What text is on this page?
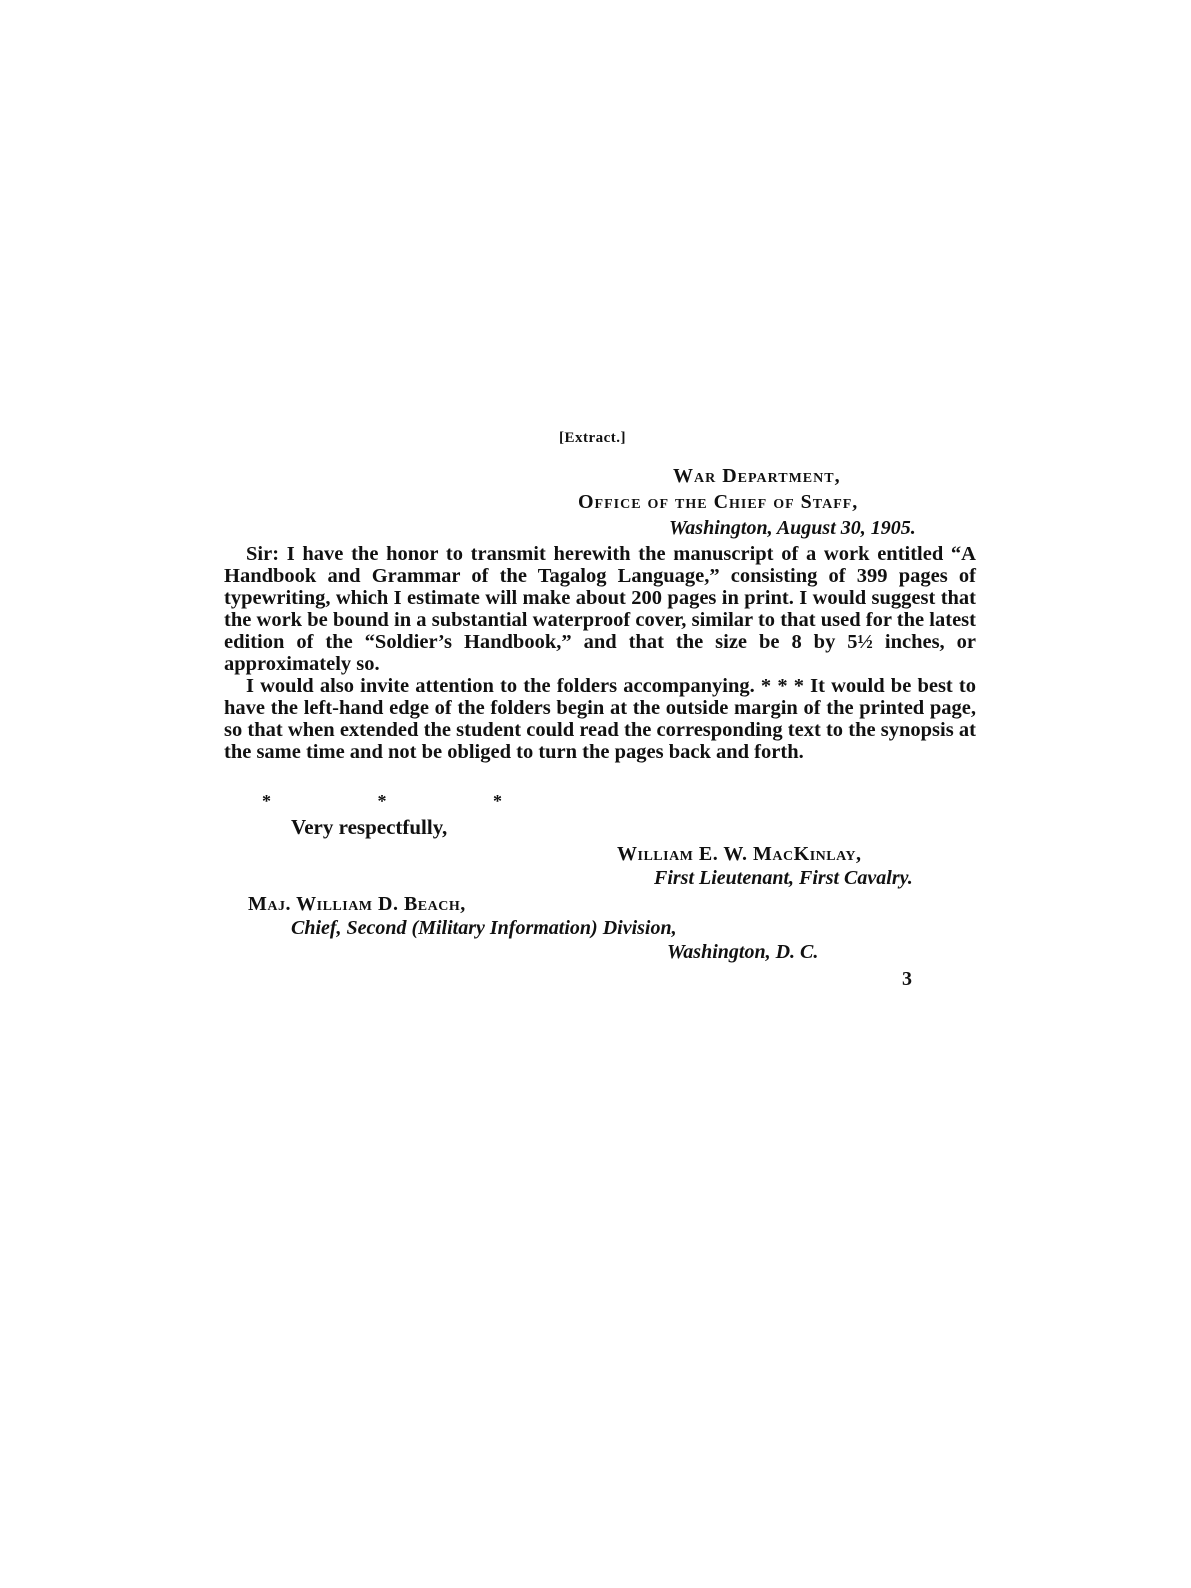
[Extract.]
War Department,
Office of the Chief of Staff,
Washington, August 30, 1905.
Sir: I have the honor to transmit herewith the manuscript of a work entitled “A Handbook and Grammar of the Tagalog Language,” consisting of 399 pages of typewriting, which I estimate will make about 200 pages in print. I would suggest that the work be bound in a substantial waterproof cover, similar to that used for the latest edition of the “Soldier’s Handbook,” and that the size be 8 by 5½ inches, or approximately so.
I would also invite attention to the folders accompanying. * * * It would be best to have the left-hand edge of the folders begin at the outside margin of the printed page, so that when extended the student could read the corresponding text to the synopsis at the same time and not be obliged to turn the pages back and forth.
*	*	*
Very respectfully,
William E. W. MacKinlay,
First Lieutenant, First Cavalry.
Maj. William D. Beach,
Chief, Second (Military Information) Division,
Washington, D. C.
3
